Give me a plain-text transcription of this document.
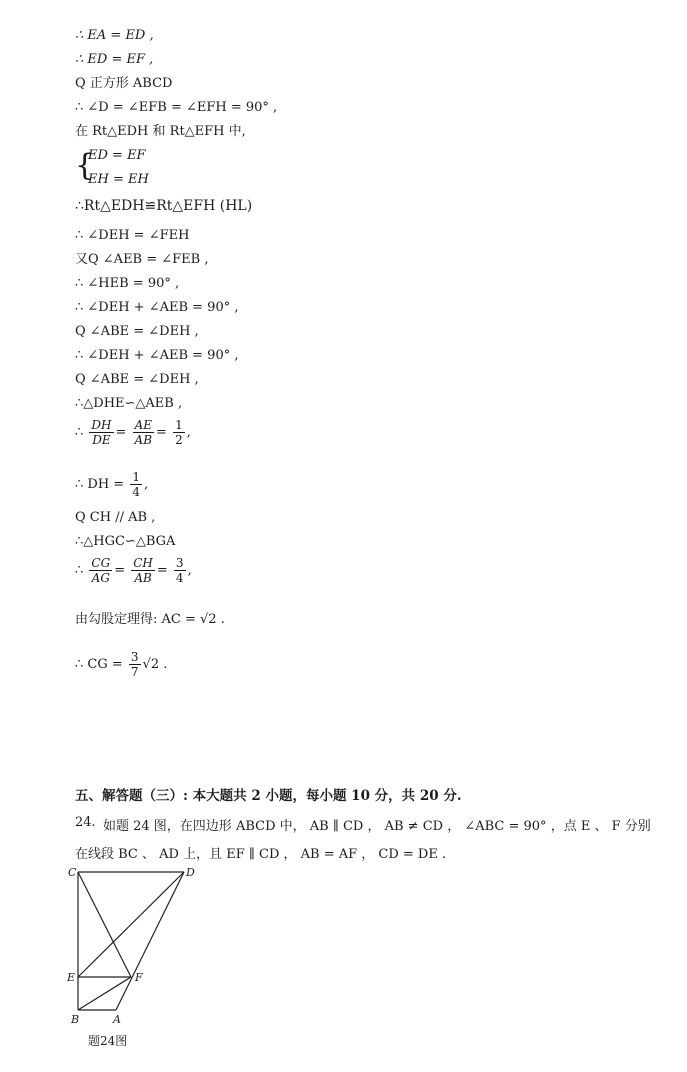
∴ EA = ED ,
∴ ED = EF ,
Q 正方形 ABCD
∴ ∠D = ∠EFB = ∠EFH = 90° ,
在 Rt△EDH 和 Rt△EFH 中,
{
ED = EF
EH = EH
∴Rt△EDH≌Rt△EFH (HL)
∴ ∠DEH = ∠FEH
又Q ∠AEB = ∠FEB ,
∴ ∠HEB = 90° ,
∴ ∠DEH + ∠AEB = 90° ,
Q ∠ABE = ∠DEH ,
∴ ∠DEH + ∠AEB = 90° ,
Q ∠ABE = ∠DEH ,
∴△DHE∽△AEB ,
∴ $\frac{DH}{DE} = \frac{AE}{AB} = \frac{1}{2}$ ,
∴ DH = $\frac{1}{4}$ ,
Q CH // AB ,
∴△HGC∽△BGA
∴ $\frac{CG}{AG} = \frac{CH}{AB} = \frac{3}{4}$ ,
由勾股定理得: AC = √2 .
∴ CG = $\frac{3}{7} √2$ .
五、解答题（三）: 本大题共 2 小题，每小题 10 分，共 20 分.
24. 如题 24 图，在四边形 ABCD 中， AB ∥ CD ， AB ≠ CD ， ∠ABC = 90° ，点 E 、 F 分别
在线段 BC 、 AD 上，且 EF ∥ CD ， AB = AF ， CD = DE .
C	D
E	F
B	A
题24图
